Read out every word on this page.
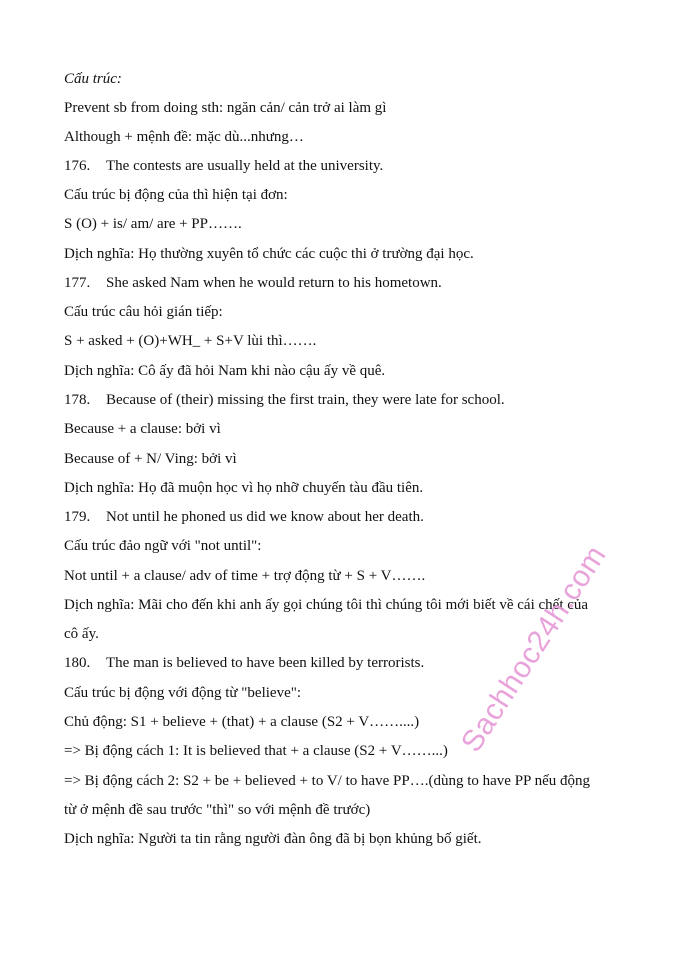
Cấu trúc:
Prevent sb from doing sth: ngăn cản/ cản trở ai làm gì
Although + mệnh đề: mặc dù...nhưng…
176. The contests are usually held at the university.
Cấu trúc bị động của thì hiện tại đơn:
S (O) + is/ am/ are + PP…….
Dịch nghĩa: Họ thường xuyên tổ chức các cuộc thi ở trường đại học.
177. She asked Nam when he would return to his hometown.
Cấu trúc câu hỏi gián tiếp:
S + asked + (O)+WH_ + S+V lùi thì…….
Dịch nghĩa: Cô ấy đã hỏi Nam khi nào cậu ấy về quê.
178. Because of (their) missing the first train, they were late for school.
Because + a clause: bởi vì
Because of + N/ Ving: bởi vì
Dịch nghĩa: Họ đã muộn học vì họ nhỡ chuyến tàu đầu tiên.
179. Not until he phoned us did we know about her death.
Cấu trúc đảo ngữ với "not until":
Not until + a clause/ adv of time + trợ động từ + S + V…….
Dịch nghĩa: Mãi cho đến khi anh ấy gọi chúng tôi thì chúng tôi mới biết về cái chết của
cô ấy.
180. The man is believed to have been killed by terrorists.
Cấu trúc bị động với động từ "believe":
Chủ động: S1 + believe + (that) + a clause (S2 + V……....)
=> Bị động cách 1: It is believed that + a clause (S2 + V……...)
=> Bị động cách 2: S2 + be + believed + to V/ to have PP….(dùng to have PP nếu động
từ ở mệnh đề sau trước "thì" so với mệnh đề trước)
Dịch nghĩa: Người ta tin rằng người đàn ông đã bị bọn khủng bố giết.
Sachhoc24h.com
